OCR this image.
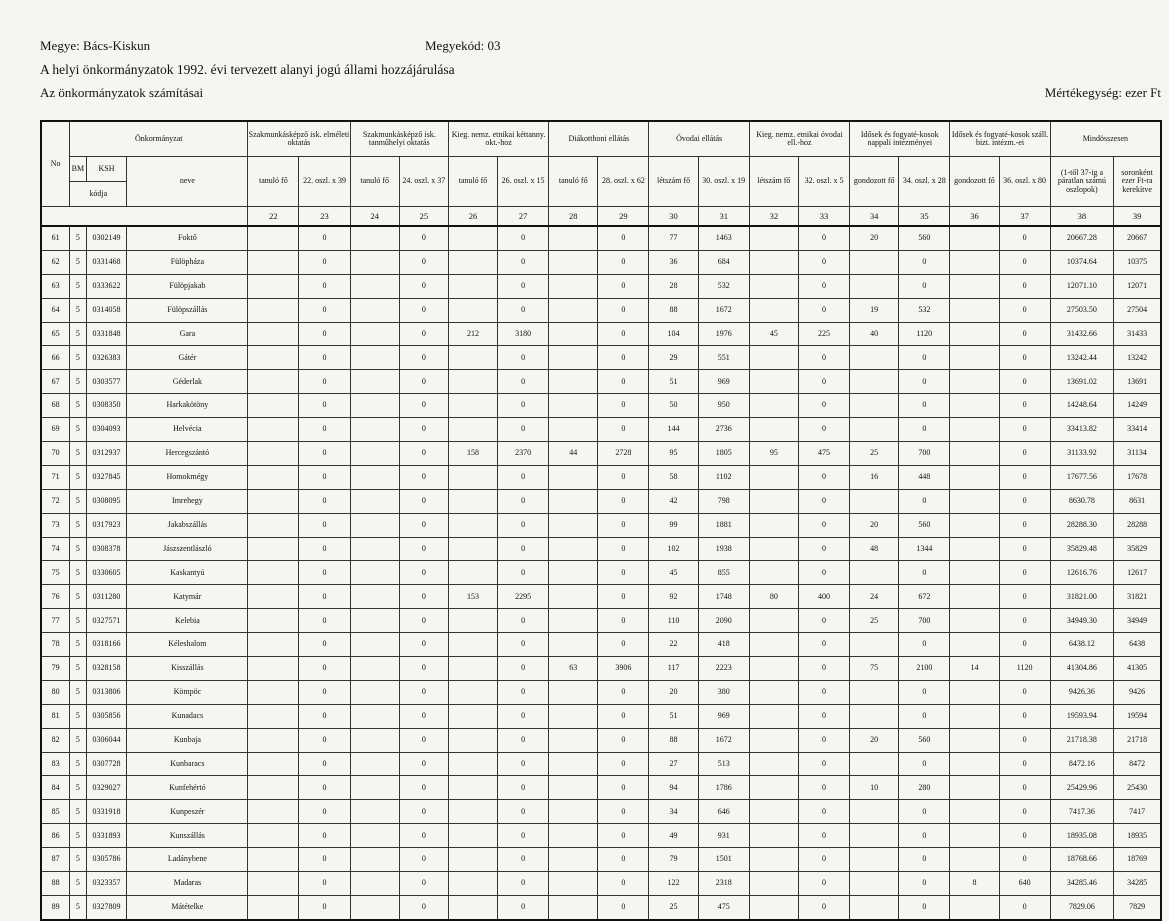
Megye: Bács-Kiskun	Megyekód: 03
A helyi önkormányzatok 1992. évi tervezett alanyi jogú állami hozzájárulása
Az önkormányzatok számításai	Mértékegység: ezer Ft
No	Önkormányzat			Szakmunkásképző isk. elméleti oktatás		Szakmunkásképző isk. tanműhelyi oktatás		Kieg. nemz. etnikai kéttanny. okt.-hoz		Diákotthoni ellátás		Óvodai ellátás		Kieg. nemz. etnikai óvodai ell.-hoz		Idősek és fogyaté-kosok nappali intézményei		Idősek és fogyaté-kosok száll. bizt. intézm.-ei		Mindösszesen	
	BM	KSH	neve	tanuló fő	22. oszl. x 39	tanuló fő	24. oszl. x 37	tanuló fő	26. oszl. x 15	tanuló fő	28. oszl. x 62	létszám fő	30. oszl. x 19	létszám fő	32. oszl. x 5	gondozott fő	34. oszl. x 28	gondozott fő	36. oszl. x 80	(1-től 37-ig a páratlan számú oszlopok)	soronként ezer Ft-ra kerekítve
	kódja																				
				22	23	24	25	26	27	28	29	30	31	32	33	34	35	36	37	38	39
61	5	0302149	Foktő		0		0		0		0	77	1463		0	20	560		0	20667.28	20667
62	5	0331468	Fülöpháza		0		0		0		0	36	684		0		0		0	10374.64	10375
63	5	0333622	Fülöpjakab		0		0		0		0	28	532		0		0		0	12071.10	12071
64	5	0314058	Fülöpszállás		0		0		0		0	88	1672		0	19	532		0	27503.50	27504
65	5	0331848	Gara		0		0	212	3180		0	104	1976	45	225	40	1120		0	31432.66	31433
66	5	0326383	Gátér		0		0		0		0	29	551		0		0		0	13242.44	13242
67	5	0303577	Géderlak		0		0		0		0	51	969		0		0		0	13691.02	13691
68	5	0308350	Harkakötöny		0		0		0		0	50	950		0		0		0	14248.64	14249
69	5	0304093	Helvécia		0		0		0		0	144	2736		0		0		0	33413.82	33414
70	5	0312937	Hercegszántó		0		0	158	2370	44	2728	95	1805	95	475	25	700		0	31133.92	31134
71	5	0327845	Homokmégy		0		0		0		0	58	1102		0	16	448		0	17677.56	17678
72	5	0308095	Imrehegy		0		0		0		0	42	798		0		0		0	8630.78	8631
73	5	0317923	Jakabszállás		0		0		0		0	99	1881		0	20	560		0	28288.30	28288
74	5	0308378	Jászszentlászló		0		0		0		0	102	1938		0	48	1344		0	35829.48	35829
75	5	0330605	Kaskantyú		0		0		0		0	45	855		0		0		0	12616.76	12617
76	5	0311280	Katymár		0		0	153	2295		0	92	1748	80	400	24	672		0	31821.00	31821
77	5	0327571	Kelebia		0		0		0		0	110	2090		0	25	700		0	34949.30	34949
78	5	0318166	Kéleshalom		0		0		0		0	22	418		0		0		0	6438.12	6438
79	5	0328158	Kisszállás		0		0		0	63	3906	117	2223		0	75	2100	14	1120	41304.86	41305
80	5	0313806	Kömpöc		0		0		0		0	20	380		0		0		0	9426.36	9426
81	5	0305856	Kunadacs		0		0		0		0	51	969		0		0		0	19593.94	19594
82	5	0306044	Kunbaja		0		0		0		0	88	1672		0	20	560		0	21718.38	21718
83	5	0307728	Kunbaracs		0		0		0		0	27	513		0		0		0	8472.16	8472
84	5	0329027	Kunfehértó		0		0		0		0	94	1786		0	10	280		0	25429.96	25430
85	5	0331918	Kunpeszér		0		0		0		0	34	646		0		0		0	7417.36	7417
86	5	0331893	Kunszállás		0		0		0		0	49	931		0		0		0	18935.08	18935
87	5	0305786	Ladánybene		0		0		0		0	79	1501		0		0		0	18768.66	18769
88	5	0323357	Madaras		0		0		0		0	122	2318		0		0	8	640	34285.46	34285
89	5	0327809	Mátételke		0		0		0		0	25	475		0		0		0	7829.06	7829
